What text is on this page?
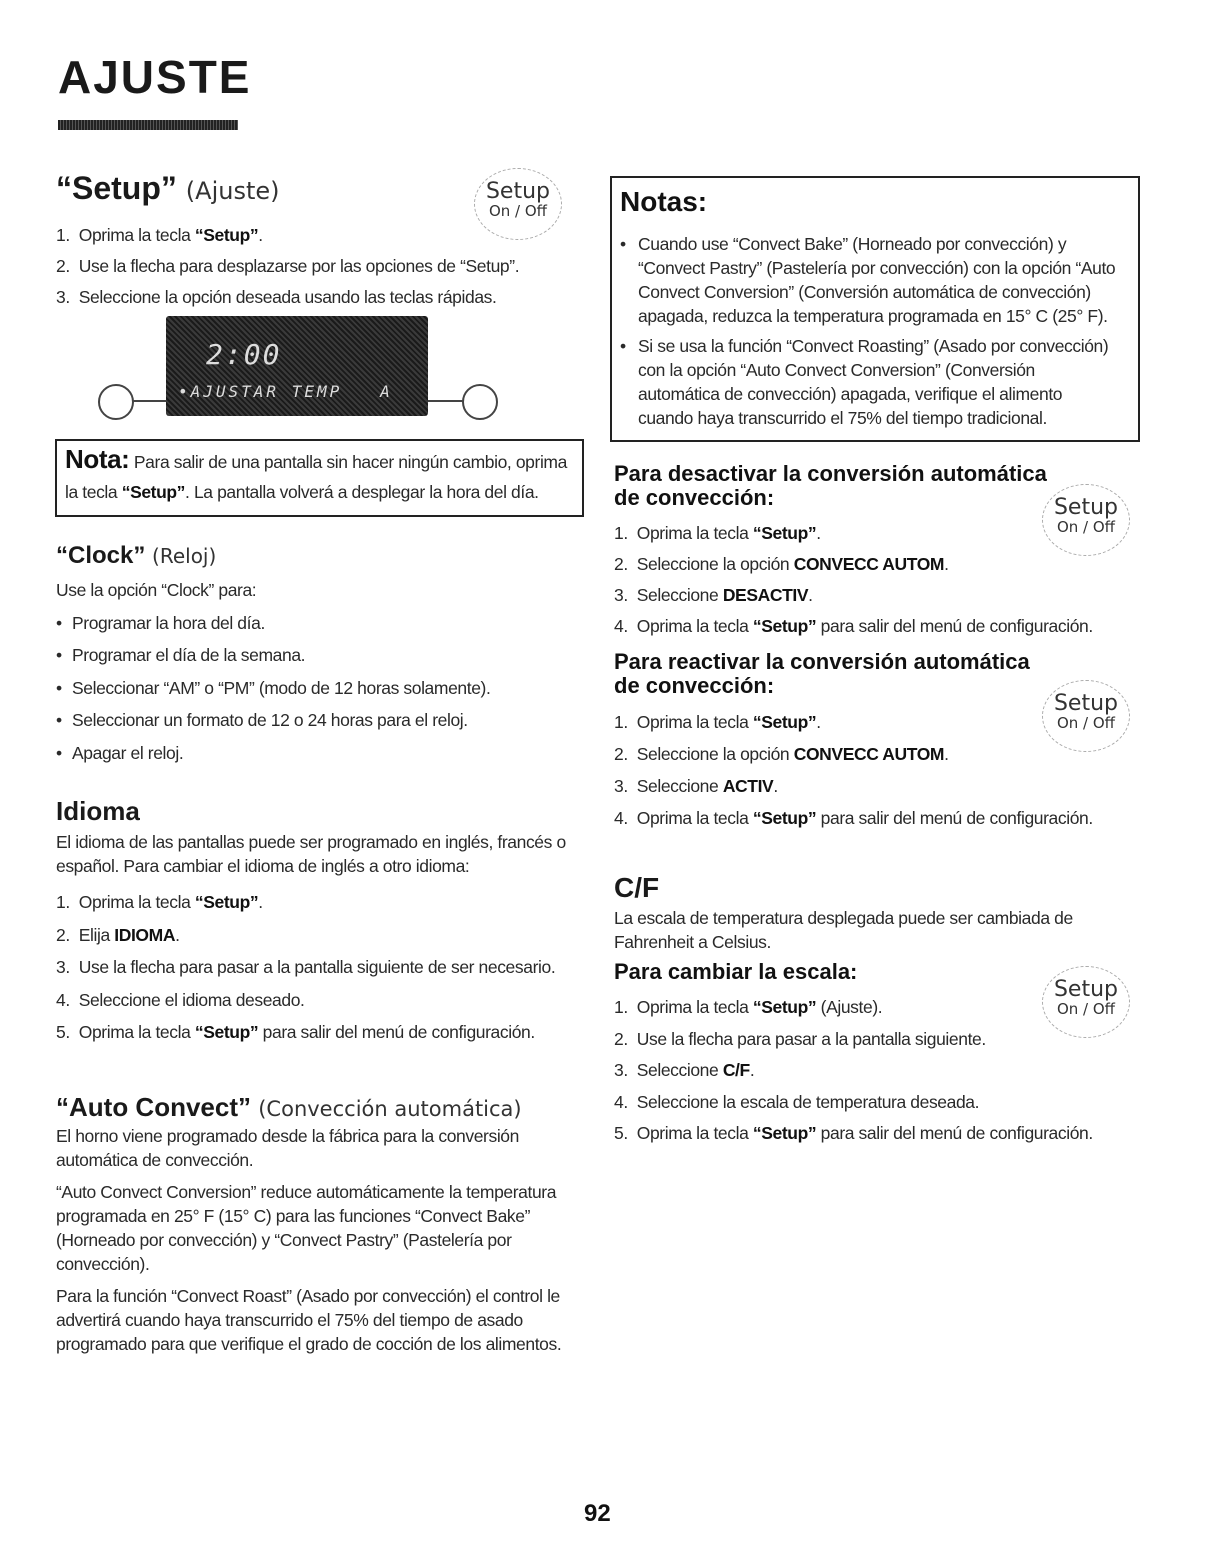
AJUSTE
“Setup” (Ajuste)	Setup
On / Off
1. Oprima la tecla “Setup”.
2. Use la flecha para desplazarse por las opciones de “Setup”.
3. Seleccione la opción deseada usando las teclas rápidas.
2:00
•AJUSTAR TEMP   A
Nota: Para salir de una pantalla sin hacer ningún cambio, oprima
la tecla “Setup”. La pantalla volverá a desplegar la hora del día.
“Clock” (Reloj)
Use la opción “Clock” para:
• Programar la hora del día.
• Programar el día de la semana.
• Seleccionar “AM” o “PM” (modo de 12 horas solamente).
• Seleccionar un formato de 12 o 24 horas para el reloj.
• Apagar el reloj.
Idioma
El idioma de las pantallas puede ser programado en inglés, francés o
español. Para cambiar el idioma de inglés a otro idioma:
1. Oprima la tecla “Setup”.
2. Elija IDIOMA.
3. Use la flecha para pasar a la pantalla siguiente de ser necesario.
4. Seleccione el idioma deseado.
5. Oprima la tecla “Setup” para salir del menú de configuración.
“Auto Convect” (Convección automática)
El horno viene programado desde la fábrica para la conversión
automática de convección.
“Auto Convect Conversion” reduce automáticamente la temperatura
programada en 25° F (15° C) para las funciones “Convect Bake”
(Horneado por convección) y “Convect Pastry” (Pastelería por
convección).
Para la función “Convect Roast” (Asado por convección) el control le
advertirá cuando haya transcurrido el 75% del tiempo de asado
programado para que verifique el grado de cocción de los alimentos.
Notas:
• Cuando use “Convect Bake” (Horneado por convección) y
“Convect Pastry” (Pastelería por convección) con la opción “Auto
Convect Conversion” (Conversión automática de convección)
apagada, reduzca la temperatura programada en 15° C (25° F).
• Si se usa la función “Convect Roasting” (Asado por convección)
con la opción “Auto Convect Conversion” (Conversión
automática de convección) apagada, verifique el alimento
cuando haya transcurrido el 75% del tiempo tradicional.
Para desactivar la conversión automática
de convección:	Setup
On / Off
1. Oprima la tecla “Setup”.
2. Seleccione la opción CONVECC AUTOM.
3. Seleccione DESACTIV.
4. Oprima la tecla “Setup” para salir del menú de configuración.
Para reactivar la conversión automática
de convección:
Setup
On / Off
1. Oprima la tecla “Setup”.
2. Seleccione la opción CONVECC AUTOM.
3. Seleccione ACTIV.
4. Oprima la tecla “Setup” para salir del menú de configuración.
C/F
La escala de temperatura desplegada puede ser cambiada de
Fahrenheit a Celsius.
Para cambiar la escala:
Setup
On / Off
1. Oprima la tecla “Setup” (Ajuste).
2. Use la flecha para pasar a la pantalla siguiente.
3. Seleccione C/F.
4. Seleccione la escala de temperatura deseada.
5. Oprima la tecla “Setup” para salir del menú de configuración.
92
